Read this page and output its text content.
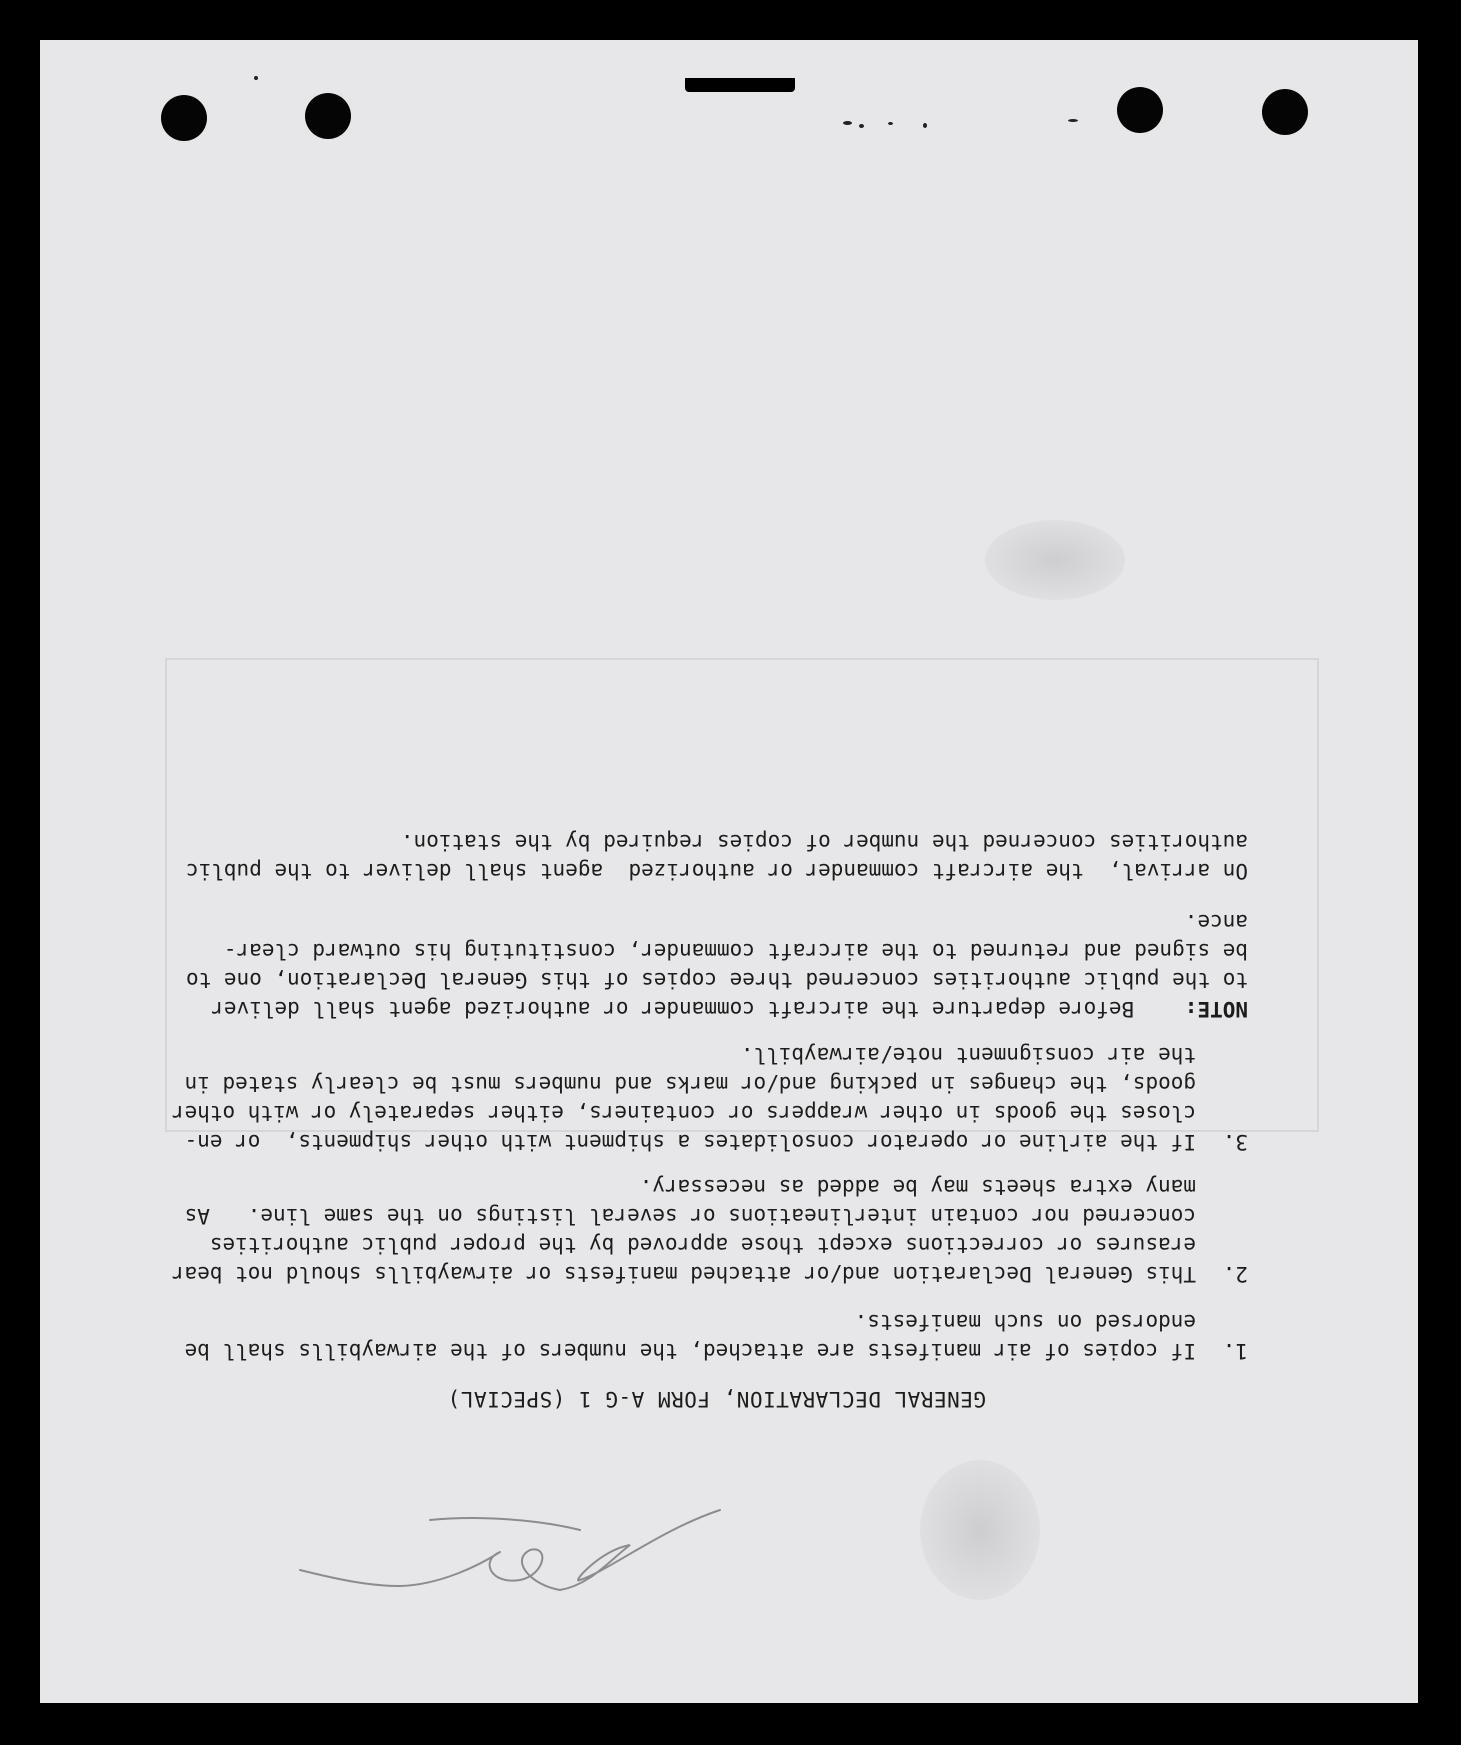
GENERAL DECLARATION, FORM A-G 1 (SPECIAL)
1.
If copies of air manifests are attached, the numbers of the airwaybills shall be
endorsed on such manifests.
2.
This General Declaration and/or attached manifests or airwaybills should not bear
erasures or corrections except those approved by the proper public authorities
concerned nor contain interlineations or several listings on the same line.   As
many extra sheets may be added as necessary.
3.
If the airline or operator consolidates a shipment with other shipments,  or en-
closes the goods in other wrappers or containers, either separately or with other
goods, the changes in packing and/or marks and numbers must be clearly stated in
the air consignment note/airwaybill.
NOTE:    Before departure the aircraft commander or authorized agent shall deliver
to the public authorities concerned three copies of this General Declaration, one to
be signed and returned to the aircraft commander, constituting his outward clear-
ance.
On arrival,  the aircraft commander or authorized  agent shall deliver to the public
authorities concerned the number of copies required by the station.
